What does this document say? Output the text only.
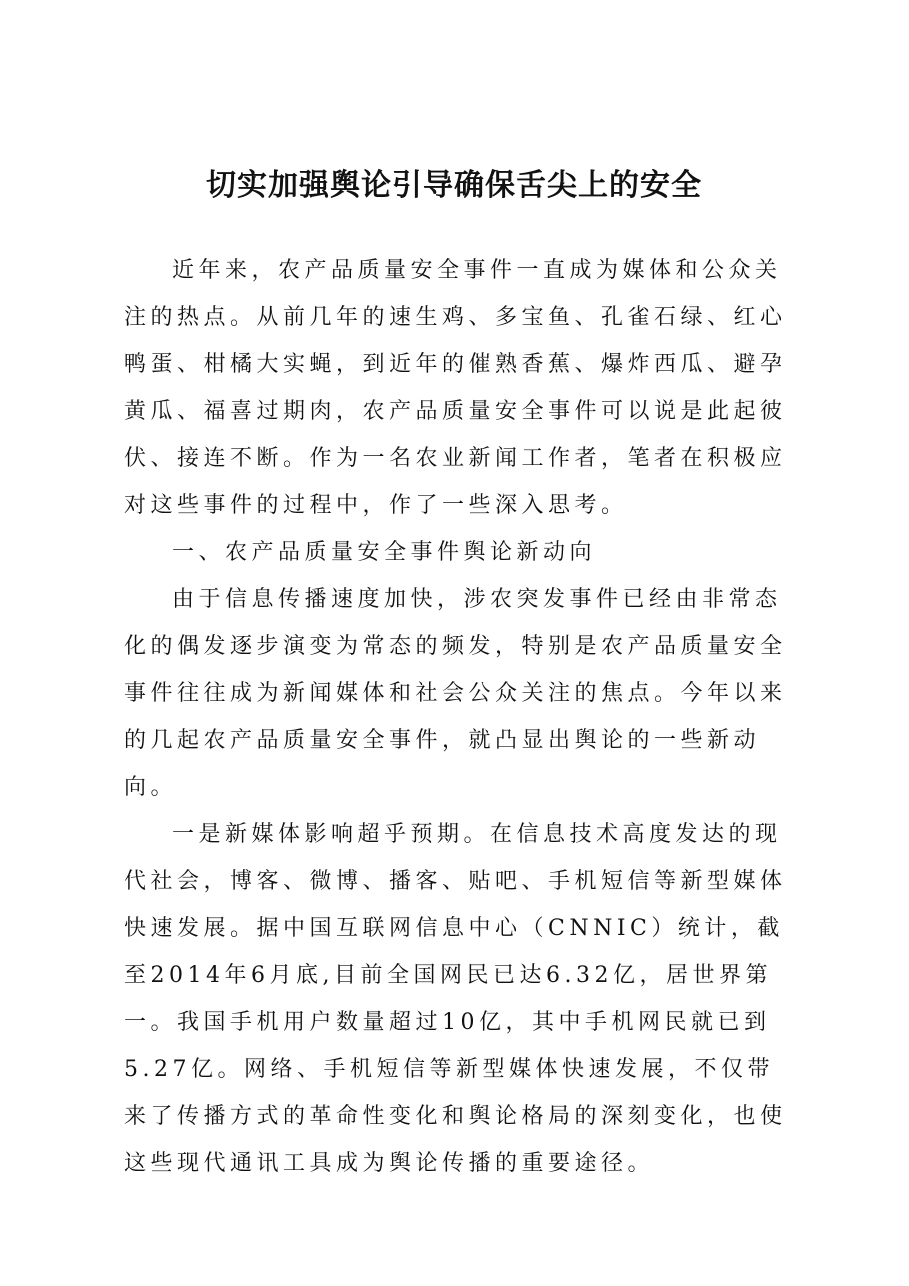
切实加强舆论引导确保舌尖上的安全

近年来，农产品质量安全事件一直成为媒体和公众关注的热点。从前几年的速生鸡、多宝鱼、孔雀石绿、红心鸭蛋、柑橘大实蝇，到近年的催熟香蕉、爆炸西瓜、避孕黄瓜、福喜过期肉，农产品质量安全事件可以说是此起彼伏、接连不断。作为一名农业新闻工作者，笔者在积极应对这些事件的过程中，作了一些深入思考。

一、农产品质量安全事件舆论新动向

由于信息传播速度加快，涉农突发事件已经由非常态化的偶发逐步演变为常态的频发，特别是农产品质量安全事件往往成为新闻媒体和社会公众关注的焦点。今年以来的几起农产品质量安全事件，就凸显出舆论的一些新动向。

一是新媒体影响超乎预期。在信息技术高度发达的现代社会，博客、微博、播客、贴吧、手机短信等新型媒体快速发展。据中国互联网信息中心（CNNIC）统计，截至2014年6月底,目前全国网民已达6.32亿，居世界第一。我国手机用户数量超过10亿，其中手机网民就已到5.27亿。网络、手机短信等新型媒体快速发展，不仅带来了传播方式的革命性变化和舆论格局的深刻变化，也使这些现代通讯工具成为舆论传播的重要途径。
